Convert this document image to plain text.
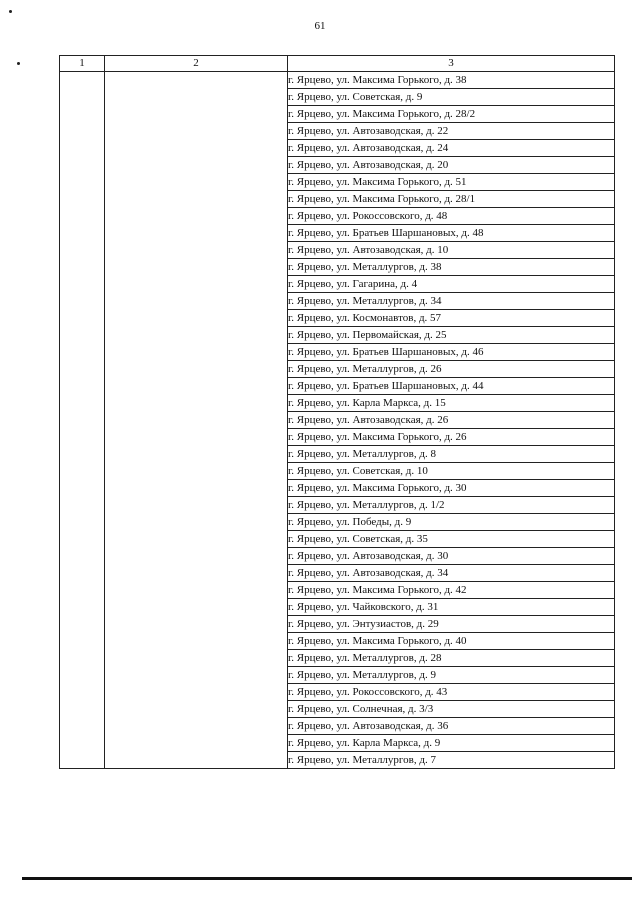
61
1	2	3
		г. Ярцево, ул. Максима Горького, д. 38
		г. Ярцево, ул. Советская, д. 9
		г. Ярцево, ул. Максима Горького, д. 28/2
		г. Ярцево, ул. Автозаводская, д. 22
		г. Ярцево, ул. Автозаводская, д. 24
		г. Ярцево, ул. Автозаводская, д. 20
		г. Ярцево, ул. Максима Горького, д. 51
		г. Ярцево, ул. Максима Горького, д. 28/1
		г. Ярцево, ул. Рокоссовского, д. 48
		г. Ярцево, ул. Братьев Шаршановых, д. 48
		г. Ярцево, ул. Автозаводская, д. 10
		г. Ярцево, ул. Металлургов, д. 38
		г. Ярцево, ул. Гагарина, д. 4
		г. Ярцево, ул. Металлургов, д. 34
		г. Ярцево, ул. Космонавтов, д. 57
		г. Ярцево, ул. Первомайская, д. 25
		г. Ярцево, ул. Братьев Шаршановых, д. 46
		г. Ярцево, ул. Металлургов, д. 26
		г. Ярцево, ул. Братьев Шаршановых, д. 44
		г. Ярцево, ул. Карла Маркса, д. 15
		г. Ярцево, ул. Автозаводская, д. 26
		г. Ярцево, ул. Максима Горького, д. 26
		г. Ярцево, ул. Металлургов, д. 8
		г. Ярцево, ул. Советская, д. 10
		г. Ярцево, ул. Максима Горького, д. 30
		г. Ярцево, ул. Металлургов, д. 1/2
		г. Ярцево, ул. Победы, д. 9
		г. Ярцево, ул. Советская, д. 35
		г. Ярцево, ул. Автозаводская, д. 30
		г. Ярцево, ул. Автозаводская, д. 34
		г. Ярцево, ул. Максима Горького, д. 42
		г. Ярцево, ул. Чайковского, д. 31
		г. Ярцево, ул. Энтузиастов, д. 29
		г. Ярцево, ул. Максима Горького, д. 40
		г. Ярцево, ул. Металлургов, д. 28
		г. Ярцево, ул. Металлургов, д. 9
		г. Ярцево, ул. Рокоссовского, д. 43
		г. Ярцево, ул. Солнечная, д. 3/3
		г. Ярцево, ул. Автозаводская, д. 36
		г. Ярцево, ул. Карла Маркса, д. 9
		г. Ярцево, ул. Металлургов, д. 7
